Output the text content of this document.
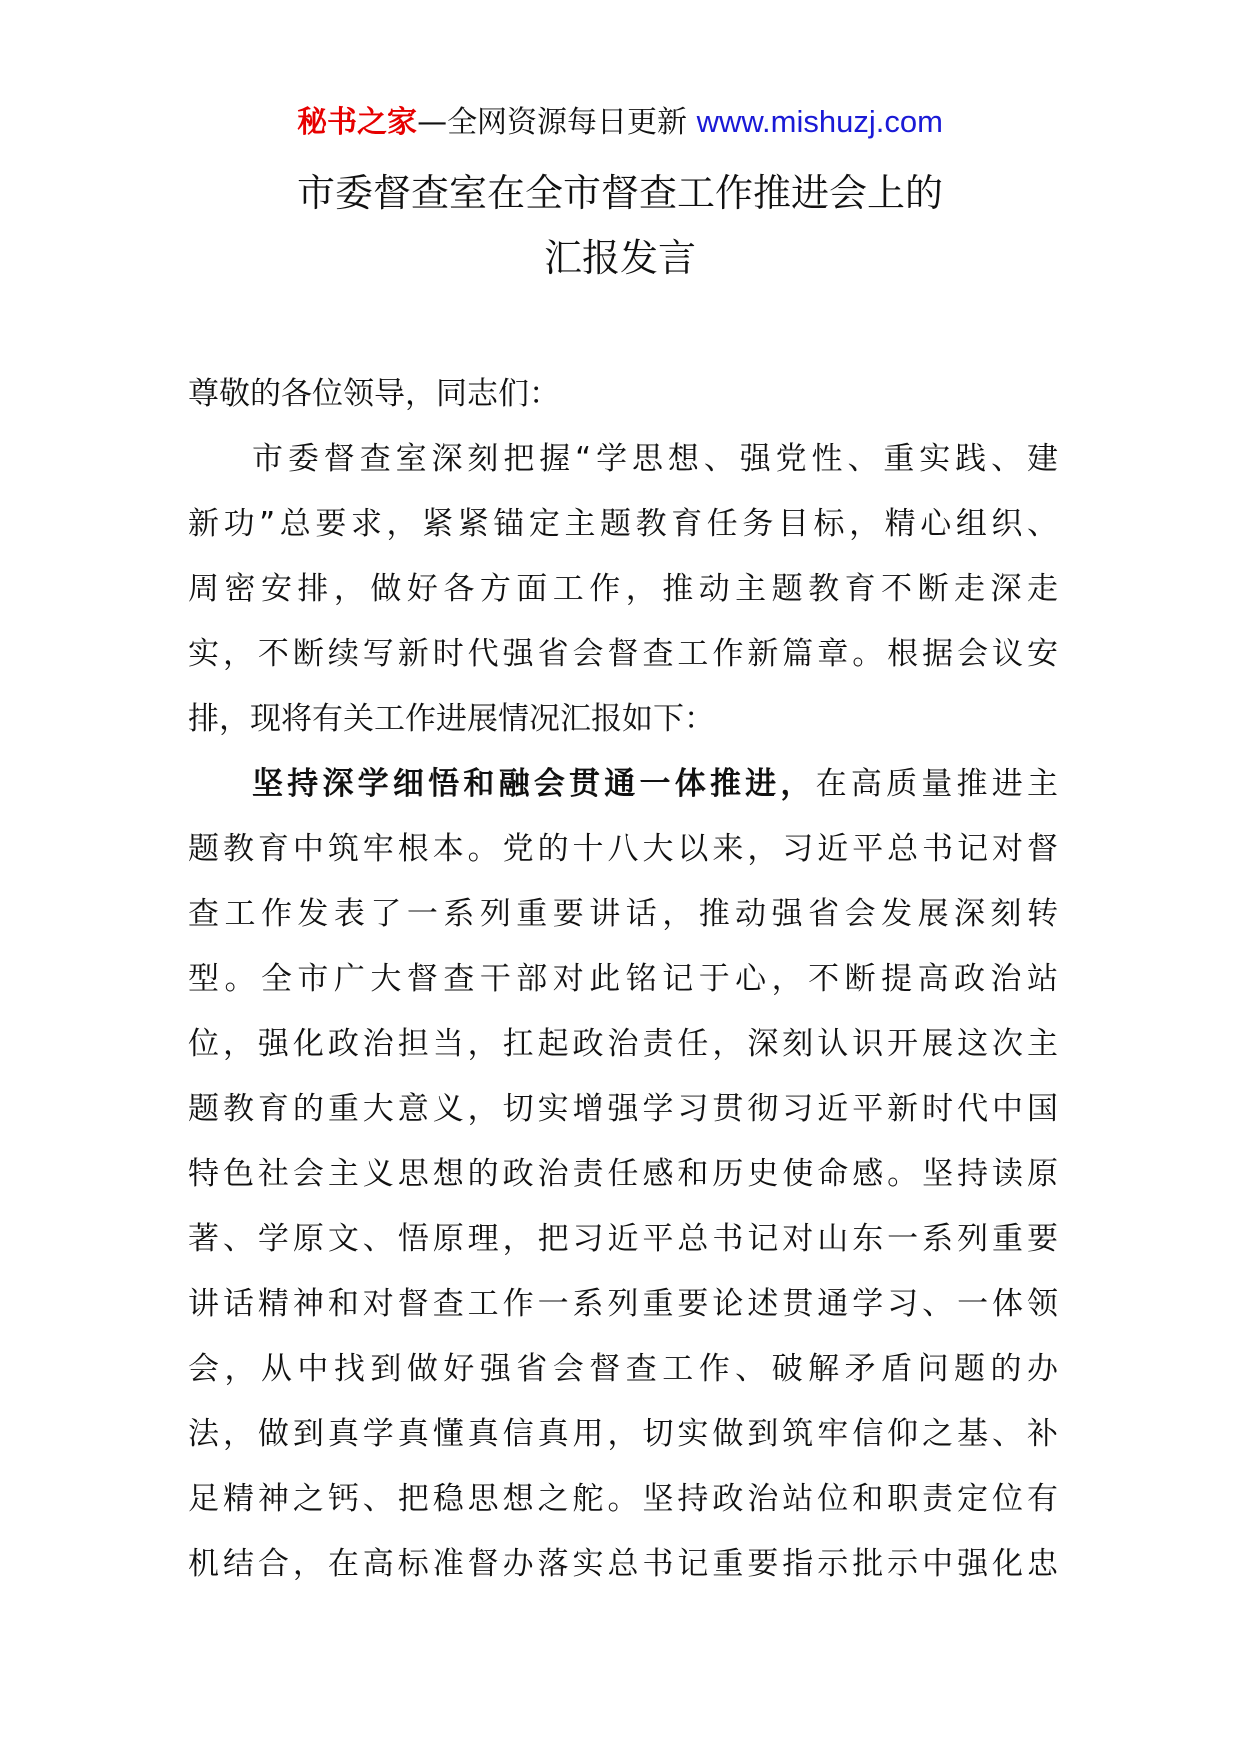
秘书之家—全网资源每日更新 www.mishuzj.com
市委督查室在全市督查工作推进会上的
汇报发言
尊敬的各位领导，同志们：
市委督查室深刻把握“学思想、强党性、重实践、建
新功”总要求，紧紧锚定主题教育任务目标，精心组织、
周密安排，做好各方面工作，推动主题教育不断走深走
实，不断续写新时代强省会督查工作新篇章。根据会议安
排，现将有关工作进展情况汇报如下：
坚持深学细悟和融会贯通一体推进，在高质量推进主
题教育中筑牢根本。党的十八大以来，习近平总书记对督
查工作发表了一系列重要讲话，推动强省会发展深刻转
型。全市广大督查干部对此铭记于心，不断提高政治站
位，强化政治担当，扛起政治责任，深刻认识开展这次主
题教育的重大意义，切实增强学习贯彻习近平新时代中国
特色社会主义思想的政治责任感和历史使命感。坚持读原
著、学原文、悟原理，把习近平总书记对山东一系列重要
讲话精神和对督查工作一系列重要论述贯通学习、一体领
会，从中找到做好强省会督查工作、破解矛盾问题的办
法，做到真学真懂真信真用，切实做到筑牢信仰之基、补
足精神之钙、把稳思想之舵。坚持政治站位和职责定位有
机结合，在高标准督办落实总书记重要指示批示中强化忠
